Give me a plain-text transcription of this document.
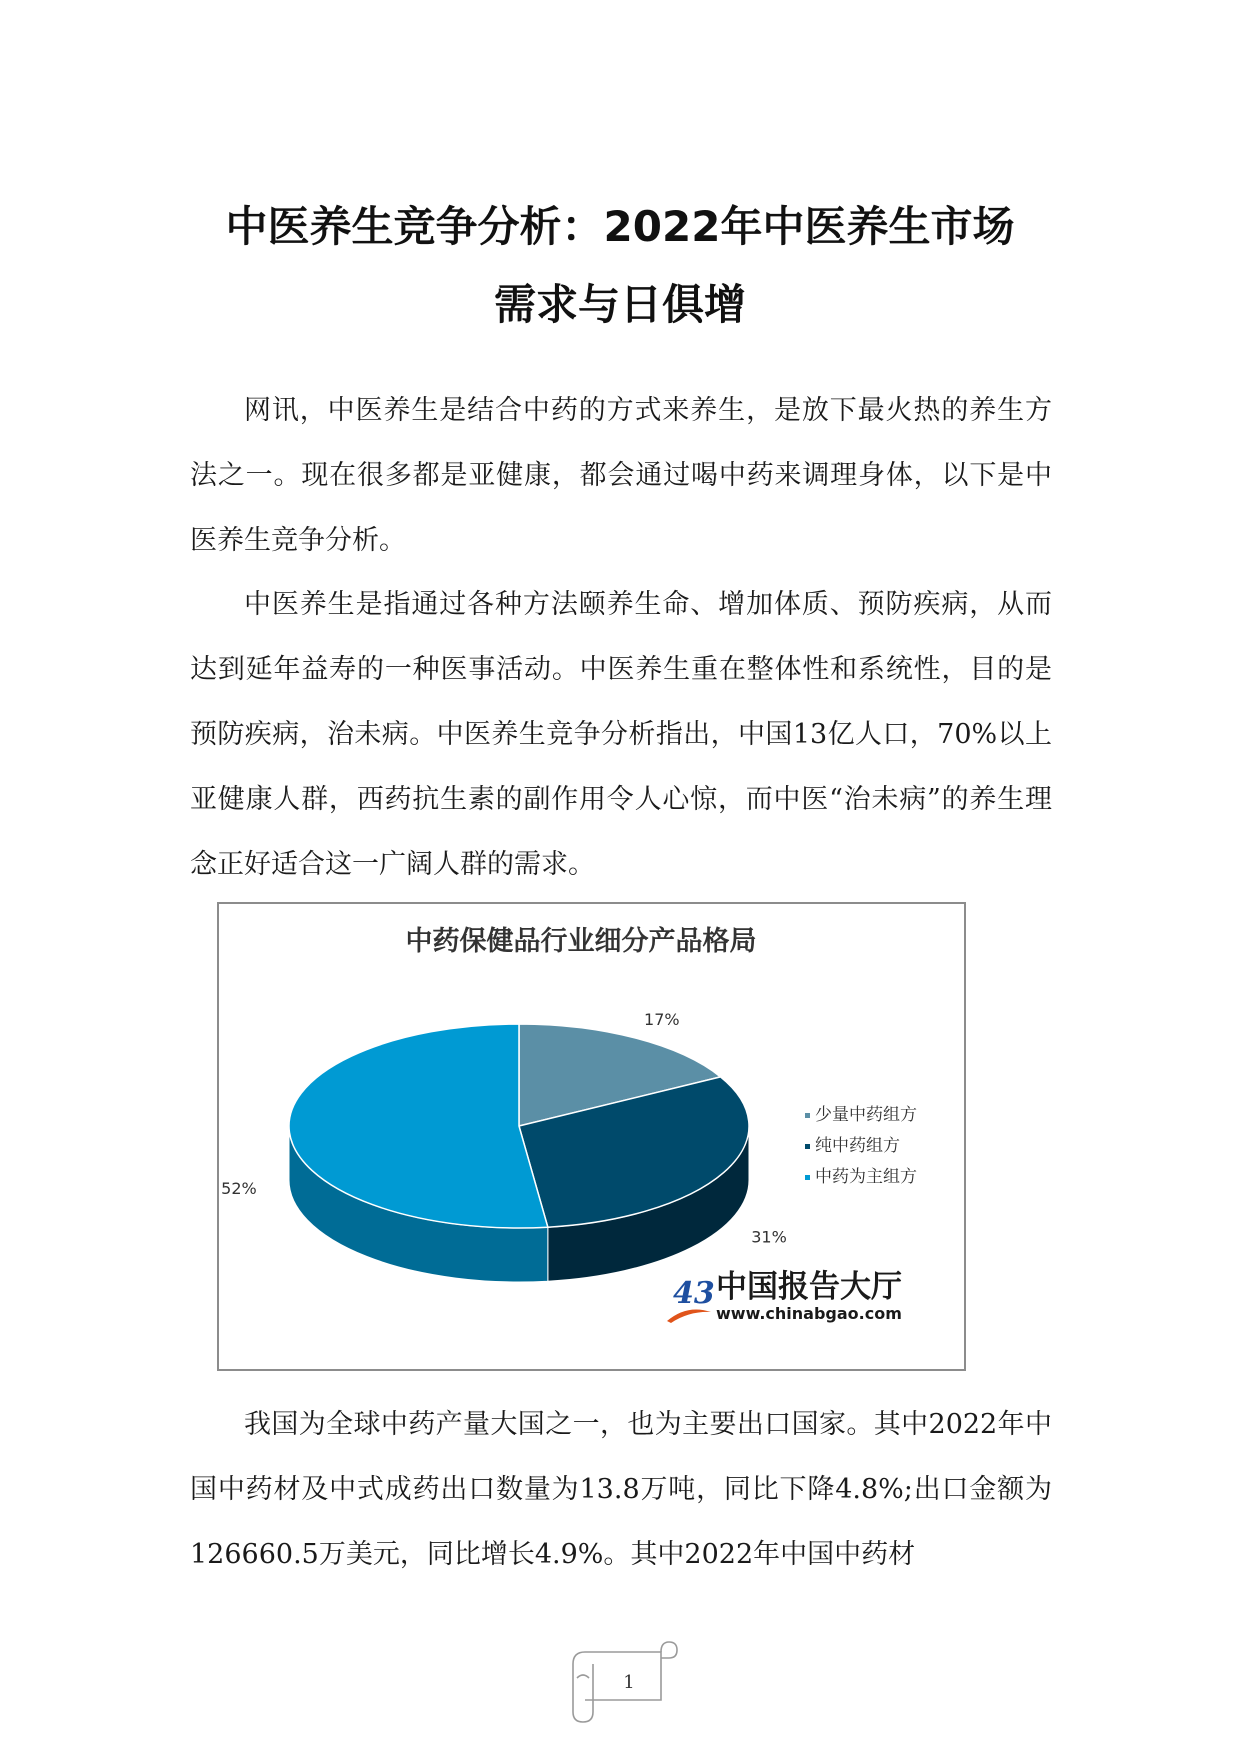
中医养生竞争分析：2022年中医养生市场
需求与日俱增

网讯，中医养生是结合中药的方式来养生，是放下最火热的养生方法之一。现在很多都是亚健康，都会通过喝中药来调理身体，以下是中医养生竞争分析。

中医养生是指通过各种方法颐养生命、增加体质、预防疾病，从而达到延年益寿的一种医事活动。中医养生重在整体性和系统性，目的是预防疾病，治未病。中医养生竞争分析指出，中国13亿人口，70%以上亚健康人群，西药抗生素的副作用令人心惊，而中医“治未病”的养生理念正好适合这一广阔人群的需求。

中药保健品行业细分产品格局
17%
31%
52%
少量中药组方
纯中药组方
中药为主组方
43 中国报告大厅
www.chinabgao.com

我国为全球中药产量大国之一，也为主要出口国家。其中2022年中国中药材及中式成药出口数量为13.8万吨，同比下降4.8%;出口金额为126660.5万美元，同比增长4.9%。其中2022年中国中药材

1
